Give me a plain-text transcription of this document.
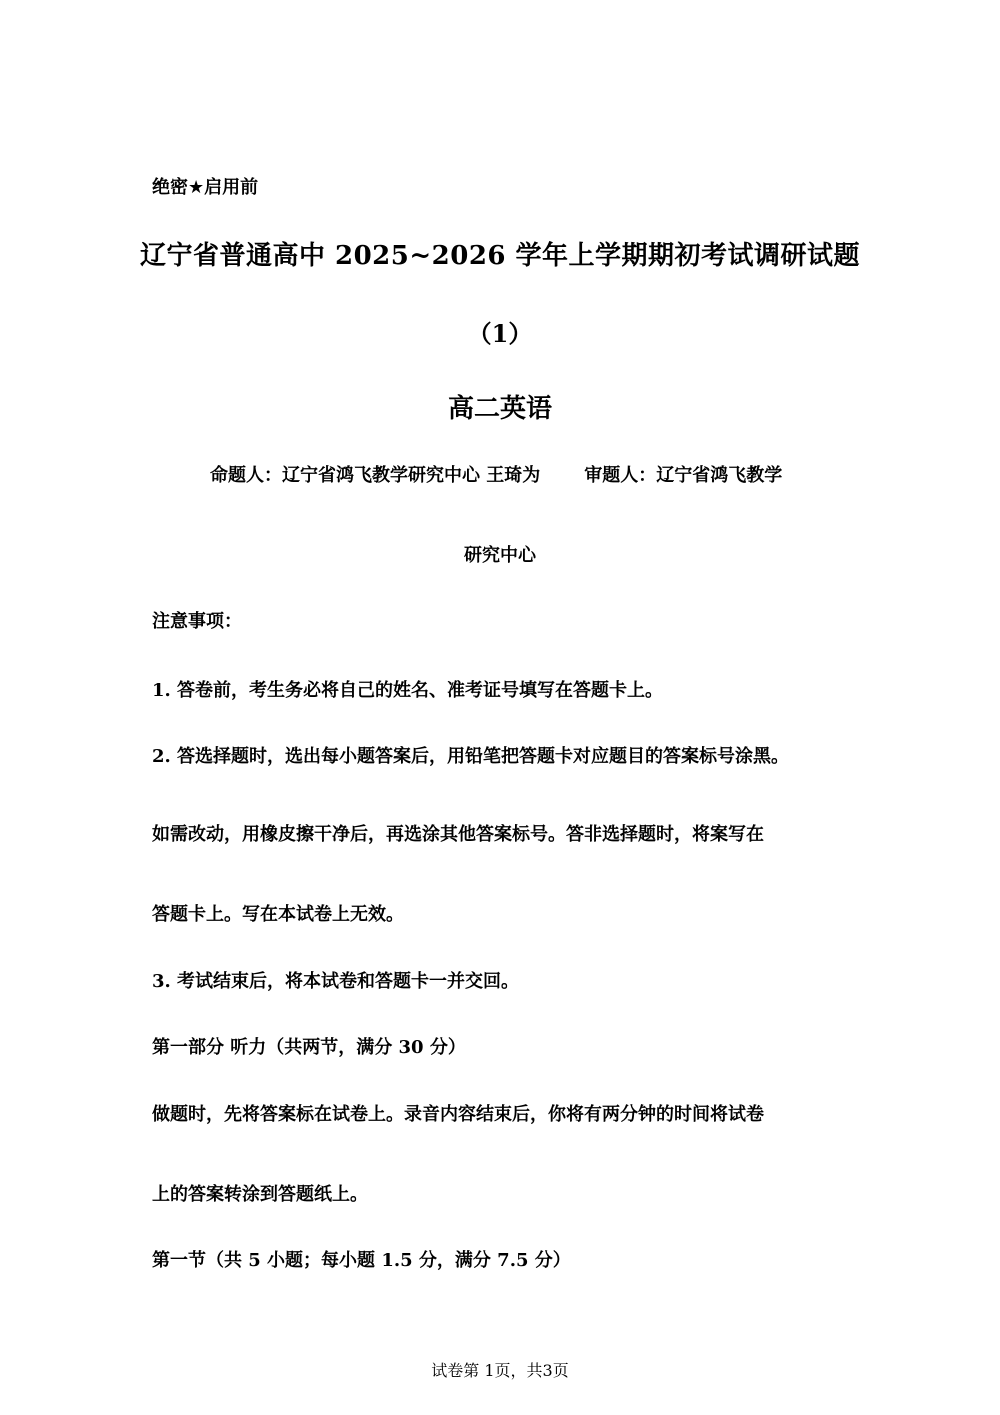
绝密★启用前
辽宁省普通高中 2025~2026 学年上学期期初考试调研试题
（1）
高二英语
命题人：辽宁省鸿飞教学研究中心 王琦为 审题人：辽宁省鸿飞教学
研究中心
注意事项：
1. 答卷前，考生务必将自己的姓名、准考证号填写在答题卡上。
2. 答选择题时，选出每小题答案后，用铅笔把答题卡对应题目的答案标号涂黑。
如需改动，用橡皮擦干净后，再选涂其他答案标号。答非选择题时，将案写在
答题卡上。写在本试卷上无效。
3. 考试结束后，将本试卷和答题卡一并交回。
第一部分 听力（共两节，满分 30 分）
做题时，先将答案标在试卷上。录音内容结束后，你将有两分钟的时间将试卷
上的答案转涂到答题纸上。
第一节（共 5 小题；每小题 1.5 分，满分 7.5 分）
试卷第 1页，共3页
